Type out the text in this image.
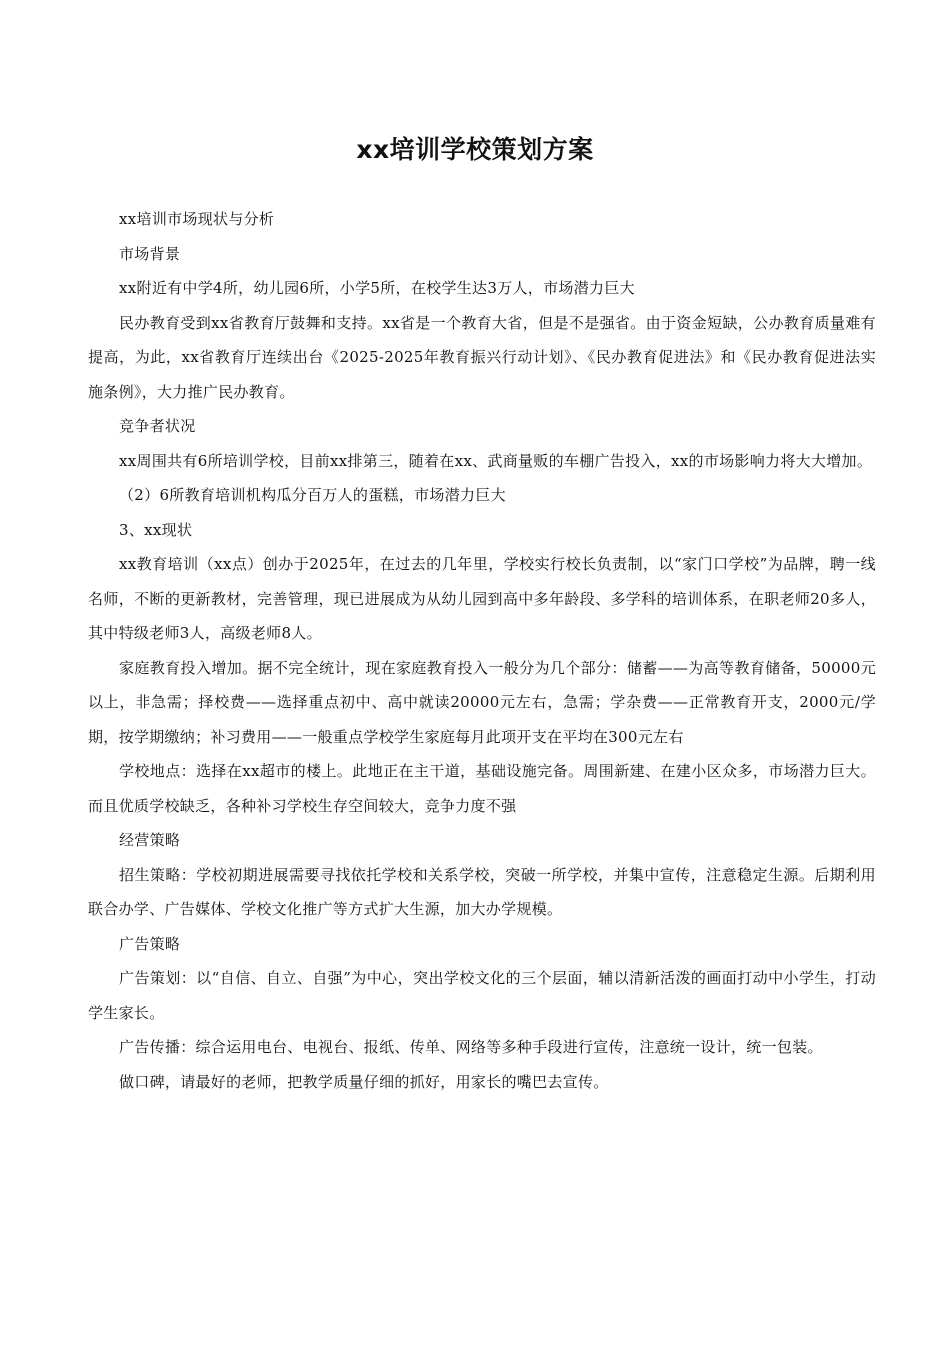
xx培训学校策划方案

xx培训市场现状与分析

市场背景

xx附近有中学4所，幼儿园6所，小学5所，在校学生达3万人，市场潜力巨大

民办教育受到xx省教育厅鼓舞和支持。xx省是一个教育大省，但是不是强省。由于资金短缺，公办教育质量难有提高，为此，xx省教育厅连续出台《2025-2025年教育振兴行动计划》、《民办教育促进法》和《民办教育促进法实施条例》，大力推广民办教育。

竞争者状况

xx周围共有6所培训学校，目前xx排第三，随着在xx、武商量贩的车棚广告投入，xx的市场影响力将大大增加。

（2）6所教育培训机构瓜分百万人的蛋糕，市场潜力巨大

3、xx现状

xx教育培训（xx点）创办于2025年，在过去的几年里，学校实行校长负责制，以“家门口学校”为品牌，聘一线名师，不断的更新教材，完善管理，现已进展成为从幼儿园到高中多年龄段、多学科的培训体系，在职老师20多人，其中特级老师3人，高级老师8人。

家庭教育投入增加。据不完全统计，现在家庭教育投入一般分为几个部分：储蓄——为高等教育储备，50000元以上，非急需；择校费——选择重点初中、高中就读20000元左右，急需；学杂费——正常教育开支，2000元/学期，按学期缴纳；补习费用——一般重点学校学生家庭每月此项开支在平均在300元左右

学校地点：选择在xx超市的楼上。此地正在主干道，基础设施完备。周围新建、在建小区众多，市场潜力巨大。而且优质学校缺乏，各种补习学校生存空间较大，竞争力度不强

经营策略

招生策略：学校初期进展需要寻找依托学校和关系学校，突破一所学校，并集中宣传，注意稳定生源。后期利用联合办学、广告媒体、学校文化推广等方式扩大生源，加大办学规模。

广告策略

广告策划：以“自信、自立、自强”为中心，突出学校文化的三个层面，辅以清新活泼的画面打动中小学生，打动学生家长。

广告传播：综合运用电台、电视台、报纸、传单、网络等多种手段进行宣传，注意统一设计，统一包装。

做口碑，请最好的老师，把教学质量仔细的抓好，用家长的嘴巴去宣传。
